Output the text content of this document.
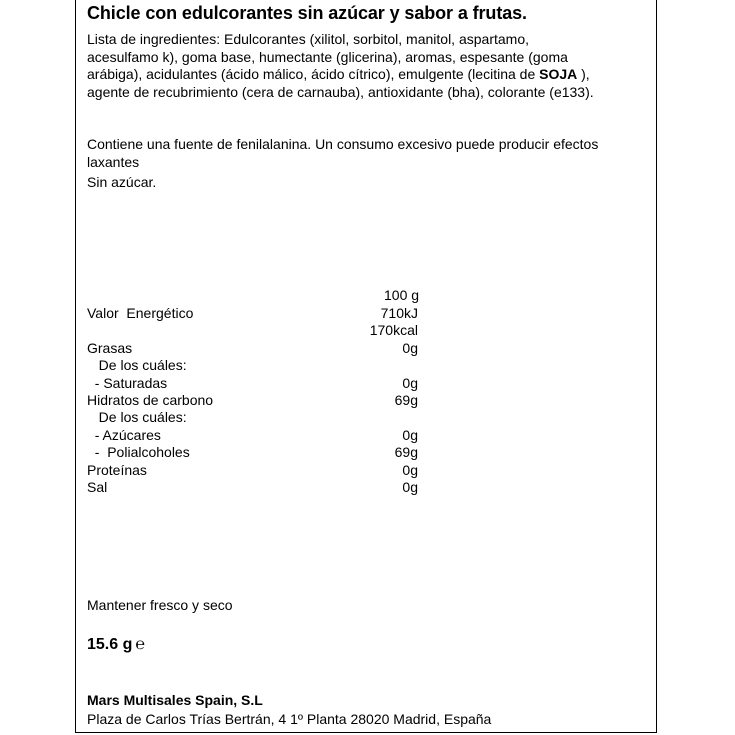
Chicle con edulcorantes sin azúcar y sabor a frutas.
Lista de ingredientes: Edulcorantes (xilitol, sorbitol, manitol, aspartamo,
acesulfamo k), goma base, humectante (glicerina), aromas, espesante (goma
arábiga), acidulantes (ácido málico, ácido cítrico), emulgente (lecitina de SOJA ),
agente de recubrimiento (cera de carnauba), antioxidante (bha), colorante (e133).
Contiene una fuente de fenilalanina. Un consumo excesivo puede producir efectos
laxantes
Sin azúcar.
100 g
Valor  Energético	710kJ
170kcal
Grasas	0g
De los cuáles:
- Saturadas	0g
Hidratos de carbono	69g
De los cuáles:
- Azúcares	0g
-  Polialcoholes	69g
Proteínas	0g
Sal	0g
Mantener fresco y seco
15.6 g ℮
Mars Multisales Spain, S.L
Plaza de Carlos Trías Bertrán, 4 1º Planta 28020 Madrid, España
